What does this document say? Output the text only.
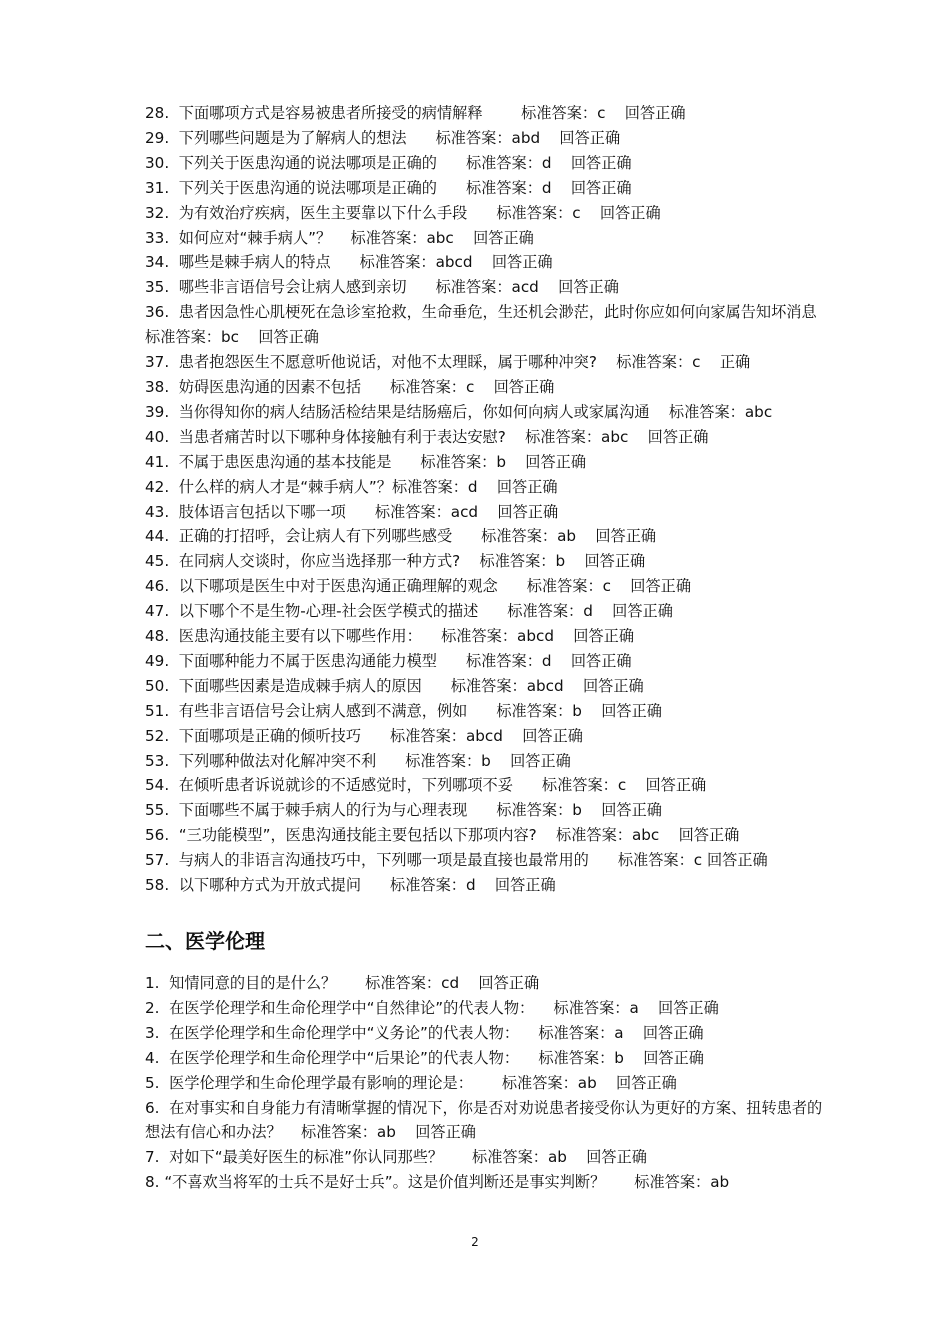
28.  下面哪项方式是容易被患者所接受的病情解释        标准答案：c    回答正确
29.  下列哪些问题是为了解病人的想法      标准答案：abd    回答正确
30.  下列关于医患沟通的说法哪项是正确的      标准答案：d    回答正确
31.  下列关于医患沟通的说法哪项是正确的      标准答案：d    回答正确
32.  为有效治疗疾病，医生主要靠以下什么手段      标准答案：c    回答正确
33.  如何应对“棘手病人”？    标准答案：abc    回答正确
34.  哪些是棘手病人的特点      标准答案：abcd    回答正确
35.  哪些非言语信号会让病人感到亲切      标准答案：acd    回答正确
36.  患者因急性心肌梗死在急诊室抢救，生命垂危，生还机会渺茫，此时你应如何向家属告知坏消息      标准答案：bc    回答正确
37.  患者抱怨医生不愿意听他说话，对他不太理睬，属于哪种冲突?    标准答案：c    正确
38.  妨碍医患沟通的因素不包括      标准答案：c    回答正确
39.  当你得知你的病人结肠活检结果是结肠癌后，你如何向病人或家属沟通    标准答案：abc
40.  当患者痛苦时以下哪种身体接触有利于表达安慰?    标准答案：abc    回答正确
41.  不属于患医患沟通的基本技能是      标准答案：b    回答正确
42.  什么样的病人才是“棘手病人”？标准答案：d    回答正确
43.  肢体语言包括以下哪一项      标准答案：acd    回答正确
44.  正确的打招呼，会让病人有下列哪些感受      标准答案：ab    回答正确
45.  在同病人交谈时，你应当选择那一种方式?    标准答案：b    回答正确
46.  以下哪项是医生中对于医患沟通正确理解的观念      标准答案：c    回答正确
47.  以下哪个不是生物-心理-社会医学模式的描述      标准答案：d    回答正确
48.  医患沟通技能主要有以下哪些作用：    标准答案：abcd    回答正确
49.  下面哪种能力不属于医患沟通能力模型      标准答案：d    回答正确
50.  下面哪些因素是造成棘手病人的原因      标准答案：abcd    回答正确
51.  有些非言语信号会让病人感到不满意，例如      标准答案：b    回答正确
52.  下面哪项是正确的倾听技巧      标准答案：abcd    回答正确
53.  下列哪种做法对化解冲突不利      标准答案：b    回答正确
54.  在倾听患者诉说就诊的不适感觉时，下列哪项不妥      标准答案：c    回答正确
55.  下面哪些不属于棘手病人的行为与心理表现      标准答案：b    回答正确
56.  “三功能模型”，医患沟通技能主要包括以下那项内容?    标准答案：abc    回答正确
57.  与病人的非语言沟通技巧中，下列哪一项是最直接也最常用的      标准答案：c 回答正确
58.  以下哪种方式为开放式提问      标准答案：d    回答正确
二、医学伦理
1.  知情同意的目的是什么？      标准答案：cd    回答正确
2.  在医学伦理学和生命伦理学中“自然律论”的代表人物：    标准答案：a    回答正确
3.  在医学伦理学和生命伦理学中“义务论”的代表人物：    标准答案：a    回答正确
4.  在医学伦理学和生命伦理学中“后果论”的代表人物：    标准答案：b    回答正确
5.  医学伦理学和生命伦理学最有影响的理论是：      标准答案：ab    回答正确
6.  在对事实和自身能力有清晰掌握的情况下，你是否对劝说患者接受你认为更好的方案、扭转患者的想法有信心和办法？    标准答案：ab    回答正确
7.  对如下“最美好医生的标准”你认同那些？      标准答案：ab    回答正确
8. “不喜欢当将军的士兵不是好士兵”。这是价值判断还是事实判断？      标准答案：ab
2
